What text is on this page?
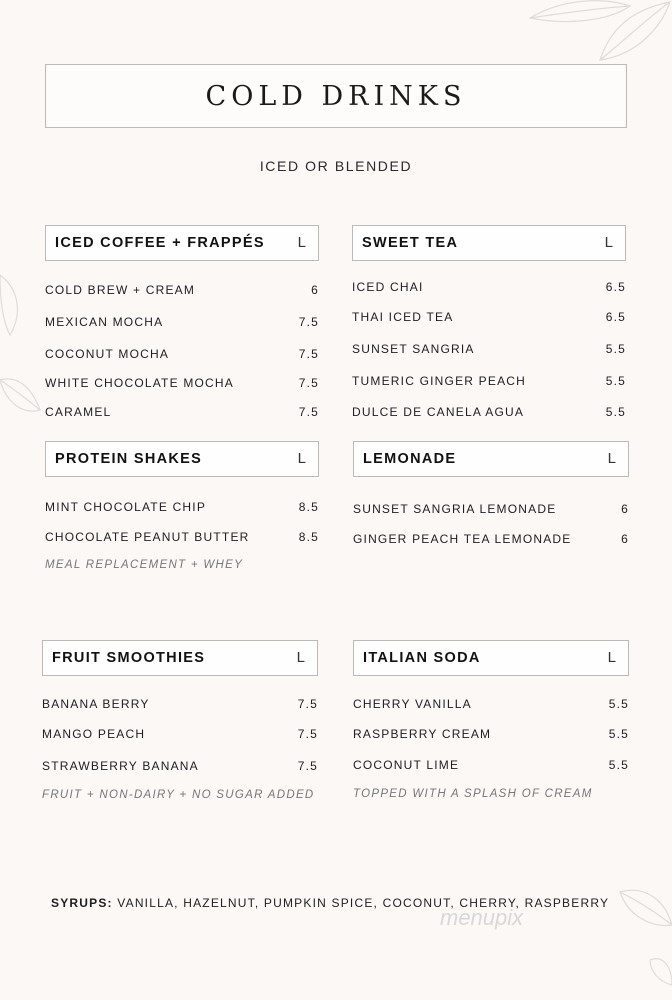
COLD DRINKS
ICED OR BLENDED
ICED COFFEE + FRAPPÉS L
COLD BREW + CREAM	6
MEXICAN MOCHA	7.5
COCONUT MOCHA	7.5
WHITE CHOCOLATE MOCHA	7.5
CARAMEL	7.5
SWEET TEA	L
ICED CHAI	6.5
THAI ICED TEA	6.5
SUNSET SANGRIA	5.5
TUMERIC GINGER PEACH	5.5
DULCE DE CANELA AGUA	5.5
PROTEIN SHAKES	L
MINT CHOCOLATE CHIP	8.5
CHOCOLATE PEANUT BUTTER	8.5
MEAL REPLACEMENT + WHEY
LEMONADE	L
SUNSET SANGRIA LEMONADE	6
GINGER PEACH TEA LEMONADE	6
FRUIT SMOOTHIES	L
BANANA BERRY	7.5
MANGO PEACH	7.5
STRAWBERRY BANANA	7.5
FRUIT + NON-DAIRY + NO SUGAR ADDED
ITALIAN SODA	L
CHERRY VANILLA	5.5
RASPBERRY CREAM	5.5
COCONUT LIME	5.5
TOPPED WITH A SPLASH OF CREAM
SYRUPS: VANILLA, HAZELNUT, PUMPKIN SPICE, COCONUT, CHERRY, RASPBERRY
menupix
